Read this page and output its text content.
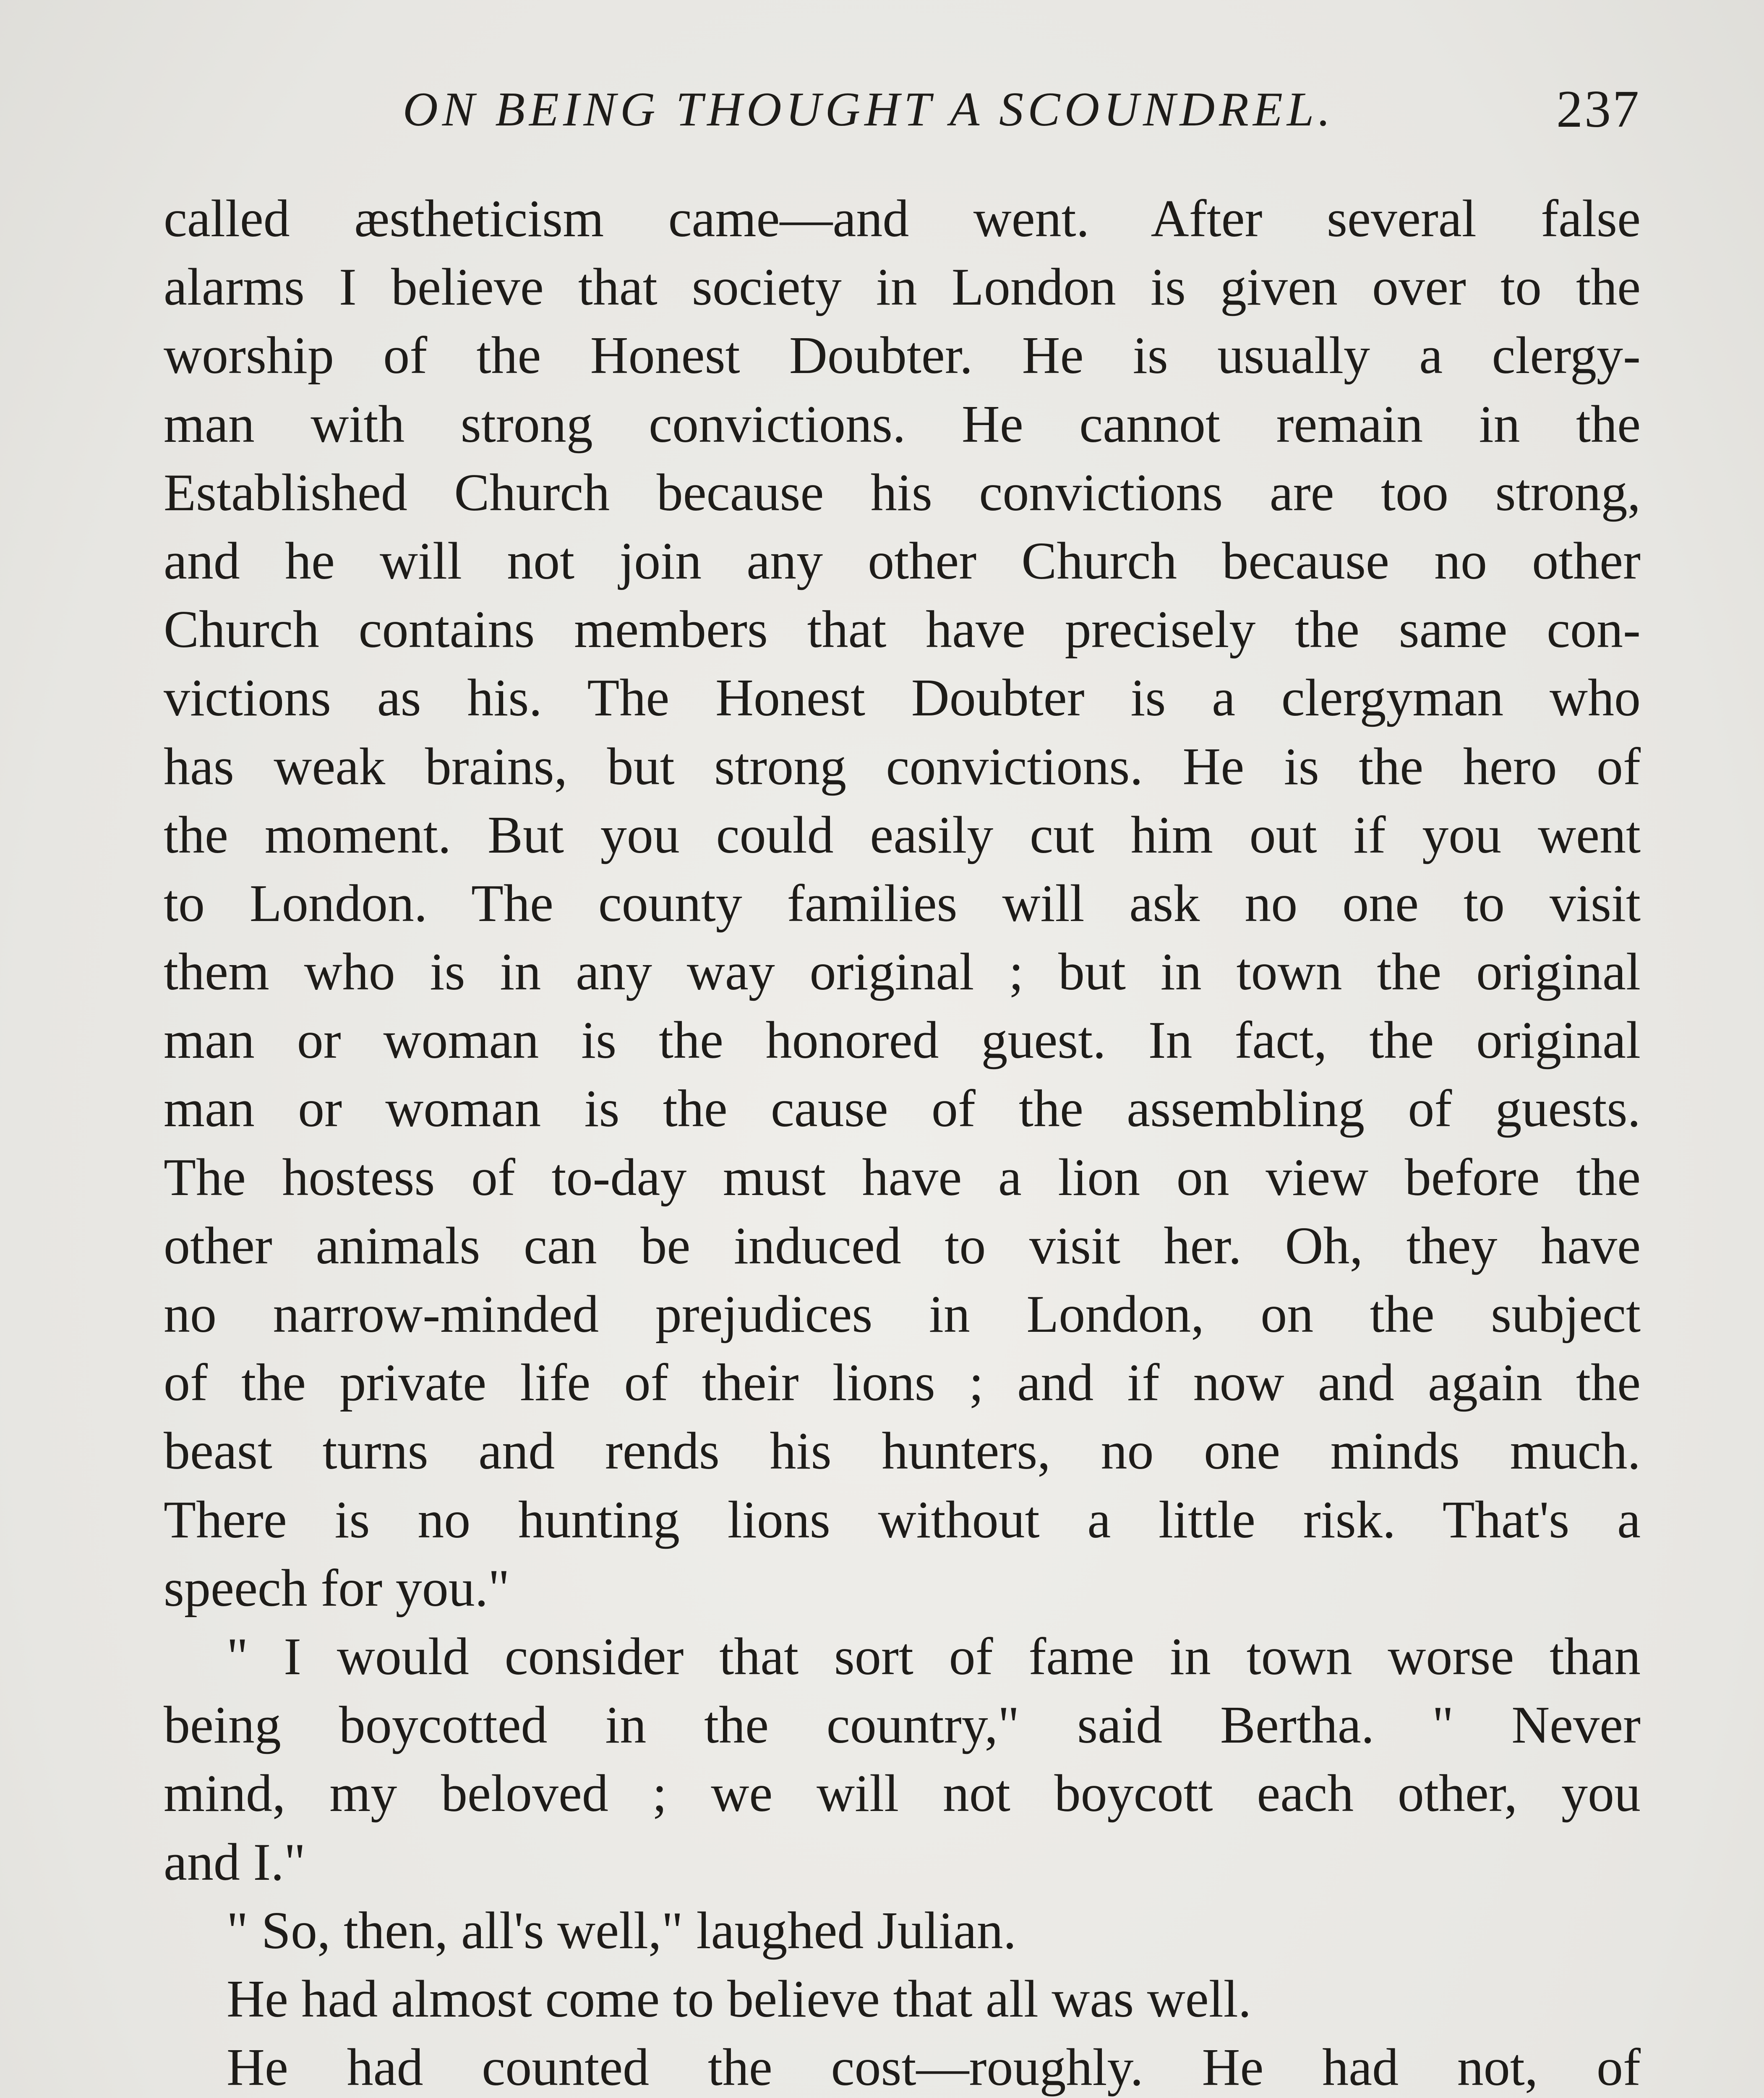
ON BEING THOUGHT A SCOUNDREL.	237
called æstheticism came—and went. After several false
alarms I believe that society in London is given over to the
worship of the Honest Doubter. He is usually a clergy-
man with strong convictions. He cannot remain in the
Established Church because his convictions are too strong,
and he will not join any other Church because no other
Church contains members that have precisely the same con-
victions as his. The Honest Doubter is a clergyman who
has weak brains, but strong convictions. He is the hero of
the moment. But you could easily cut him out if you went
to London. The county families will ask no one to visit
them who is in any way original ; but in town the original
man or woman is the honored guest. In fact, the original
man or woman is the cause of the assembling of guests.
The hostess of to-day must have a lion on view before the
other animals can be induced to visit her. Oh, they have
no narrow-minded prejudices in London, on the subject
of the private life of their lions ; and if now and again the
beast turns and rends his hunters, no one minds much.
There is no hunting lions without a little risk. That's a
speech for you."
" I would consider that sort of fame in town worse than
being boycotted in the country," said Bertha. " Never
mind, my beloved ; we will not boycott each other, you
and I."
" So, then, all's well," laughed Julian.
He had almost come to believe that all was well.
He had counted the cost—roughly. He had not, of
